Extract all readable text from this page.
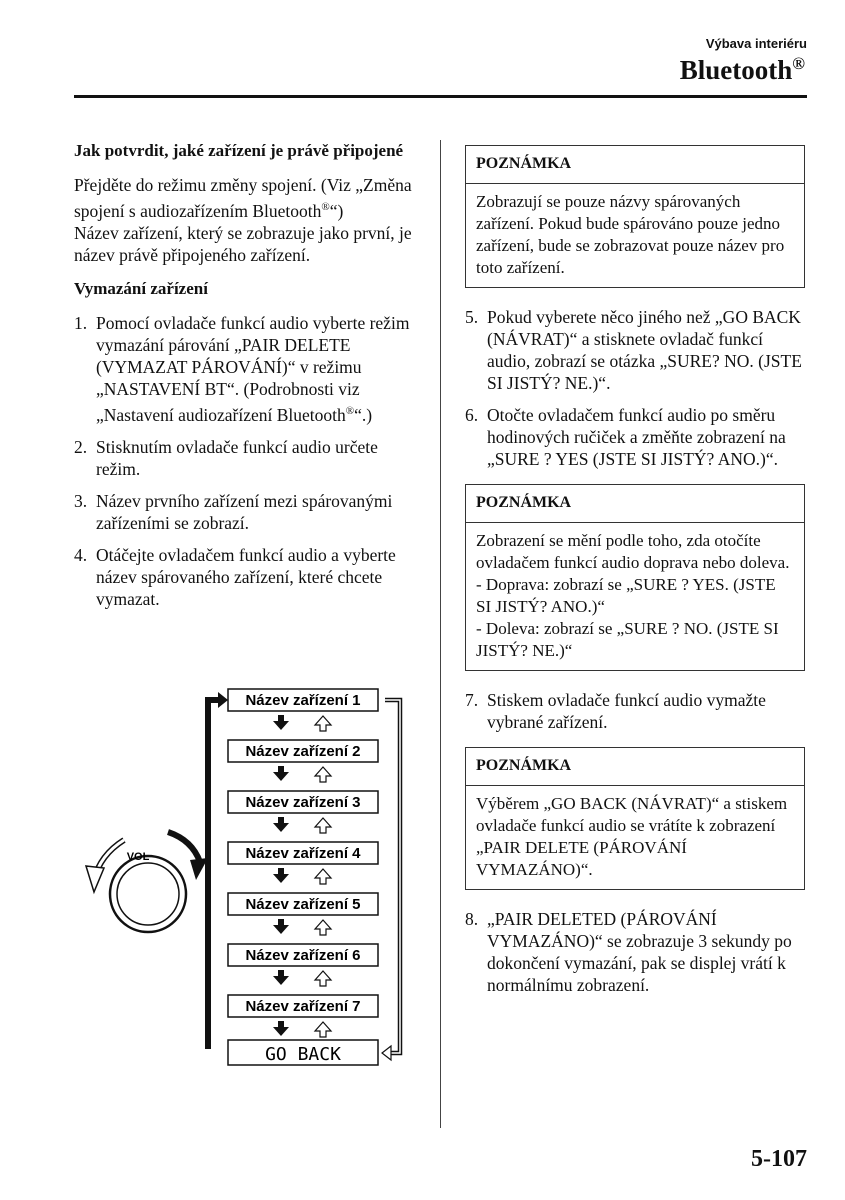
Výbava interiéru
Bluetooth®
Jak potvrdit, jaké zařízení je právě připojené

Přejděte do režimu změny spojení. (Viz „Změna spojení s audiozařízením Bluetooth®“)

Název zařízení, který se zobrazuje jako první, je název právě připojeného zařízení.

Vymazání zařízení
1. Pomocí ovladače funkcí audio vyberte režim vymazání párování „PAIR DELETE (VYMAZAT PÁROVÁNÍ)“ v režimu „NASTAVENÍ BT“. (Podrobnosti viz „Nastavení audiozařízení Bluetooth®“.)
2. Stisknutím ovladače funkcí audio určete režim.
3. Název prvního zařízení mezi spárovanými zařízeními se zobrazí.
4. Otáčejte ovladačem funkcí audio a vyberte název spárovaného zařízení, které chcete vymazat.
VOL
Název zařízení 1
Název zařízení 2
Název zařízení 3
Název zařízení 4
Název zařízení 5
Název zařízení 6
Název zařízení 7
GO BACK
POZNÁMKA
Zobrazují se pouze názvy spárovaných zařízení. Pokud bude spárováno pouze jedno zařízení, bude se zobrazovat pouze název pro toto zařízení.
5. Pokud vyberete něco jiného než „GO BACK (NÁVRAT)“ a stisknete ovladač funkcí audio, zobrazí se otázka „SURE? NO. (JSTE SI JISTÝ? NE.)“.
6. Otočte ovladačem funkcí audio po směru hodinových ručiček a změňte zobrazení na „SURE ? YES (JSTE SI JISTÝ? ANO.)“.
POZNÁMKA
Zobrazení se mění podle toho, zda otočíte ovladačem funkcí audio doprava nebo doleva.
- Doprava: zobrazí se „SURE ? YES. (JSTE SI JISTÝ? ANO.)“
- Doleva: zobrazí se „SURE ? NO. (JSTE SI JISTÝ? NE.)“
7. Stiskem ovladače funkcí audio vymažte vybrané zařízení.
POZNÁMKA
Výběrem „GO BACK (NÁVRAT)“ a stiskem ovladače funkcí audio se vrátíte k zobrazení „PAIR DELETE (PÁROVÁNÍ VYMAZÁNO)“.
8. „PAIR DELETED (PÁROVÁNÍ VYMAZÁNO)“ se zobrazuje 3 sekundy po dokončení vymazání, pak se displej vrátí k normálnímu zobrazení.
5-107
